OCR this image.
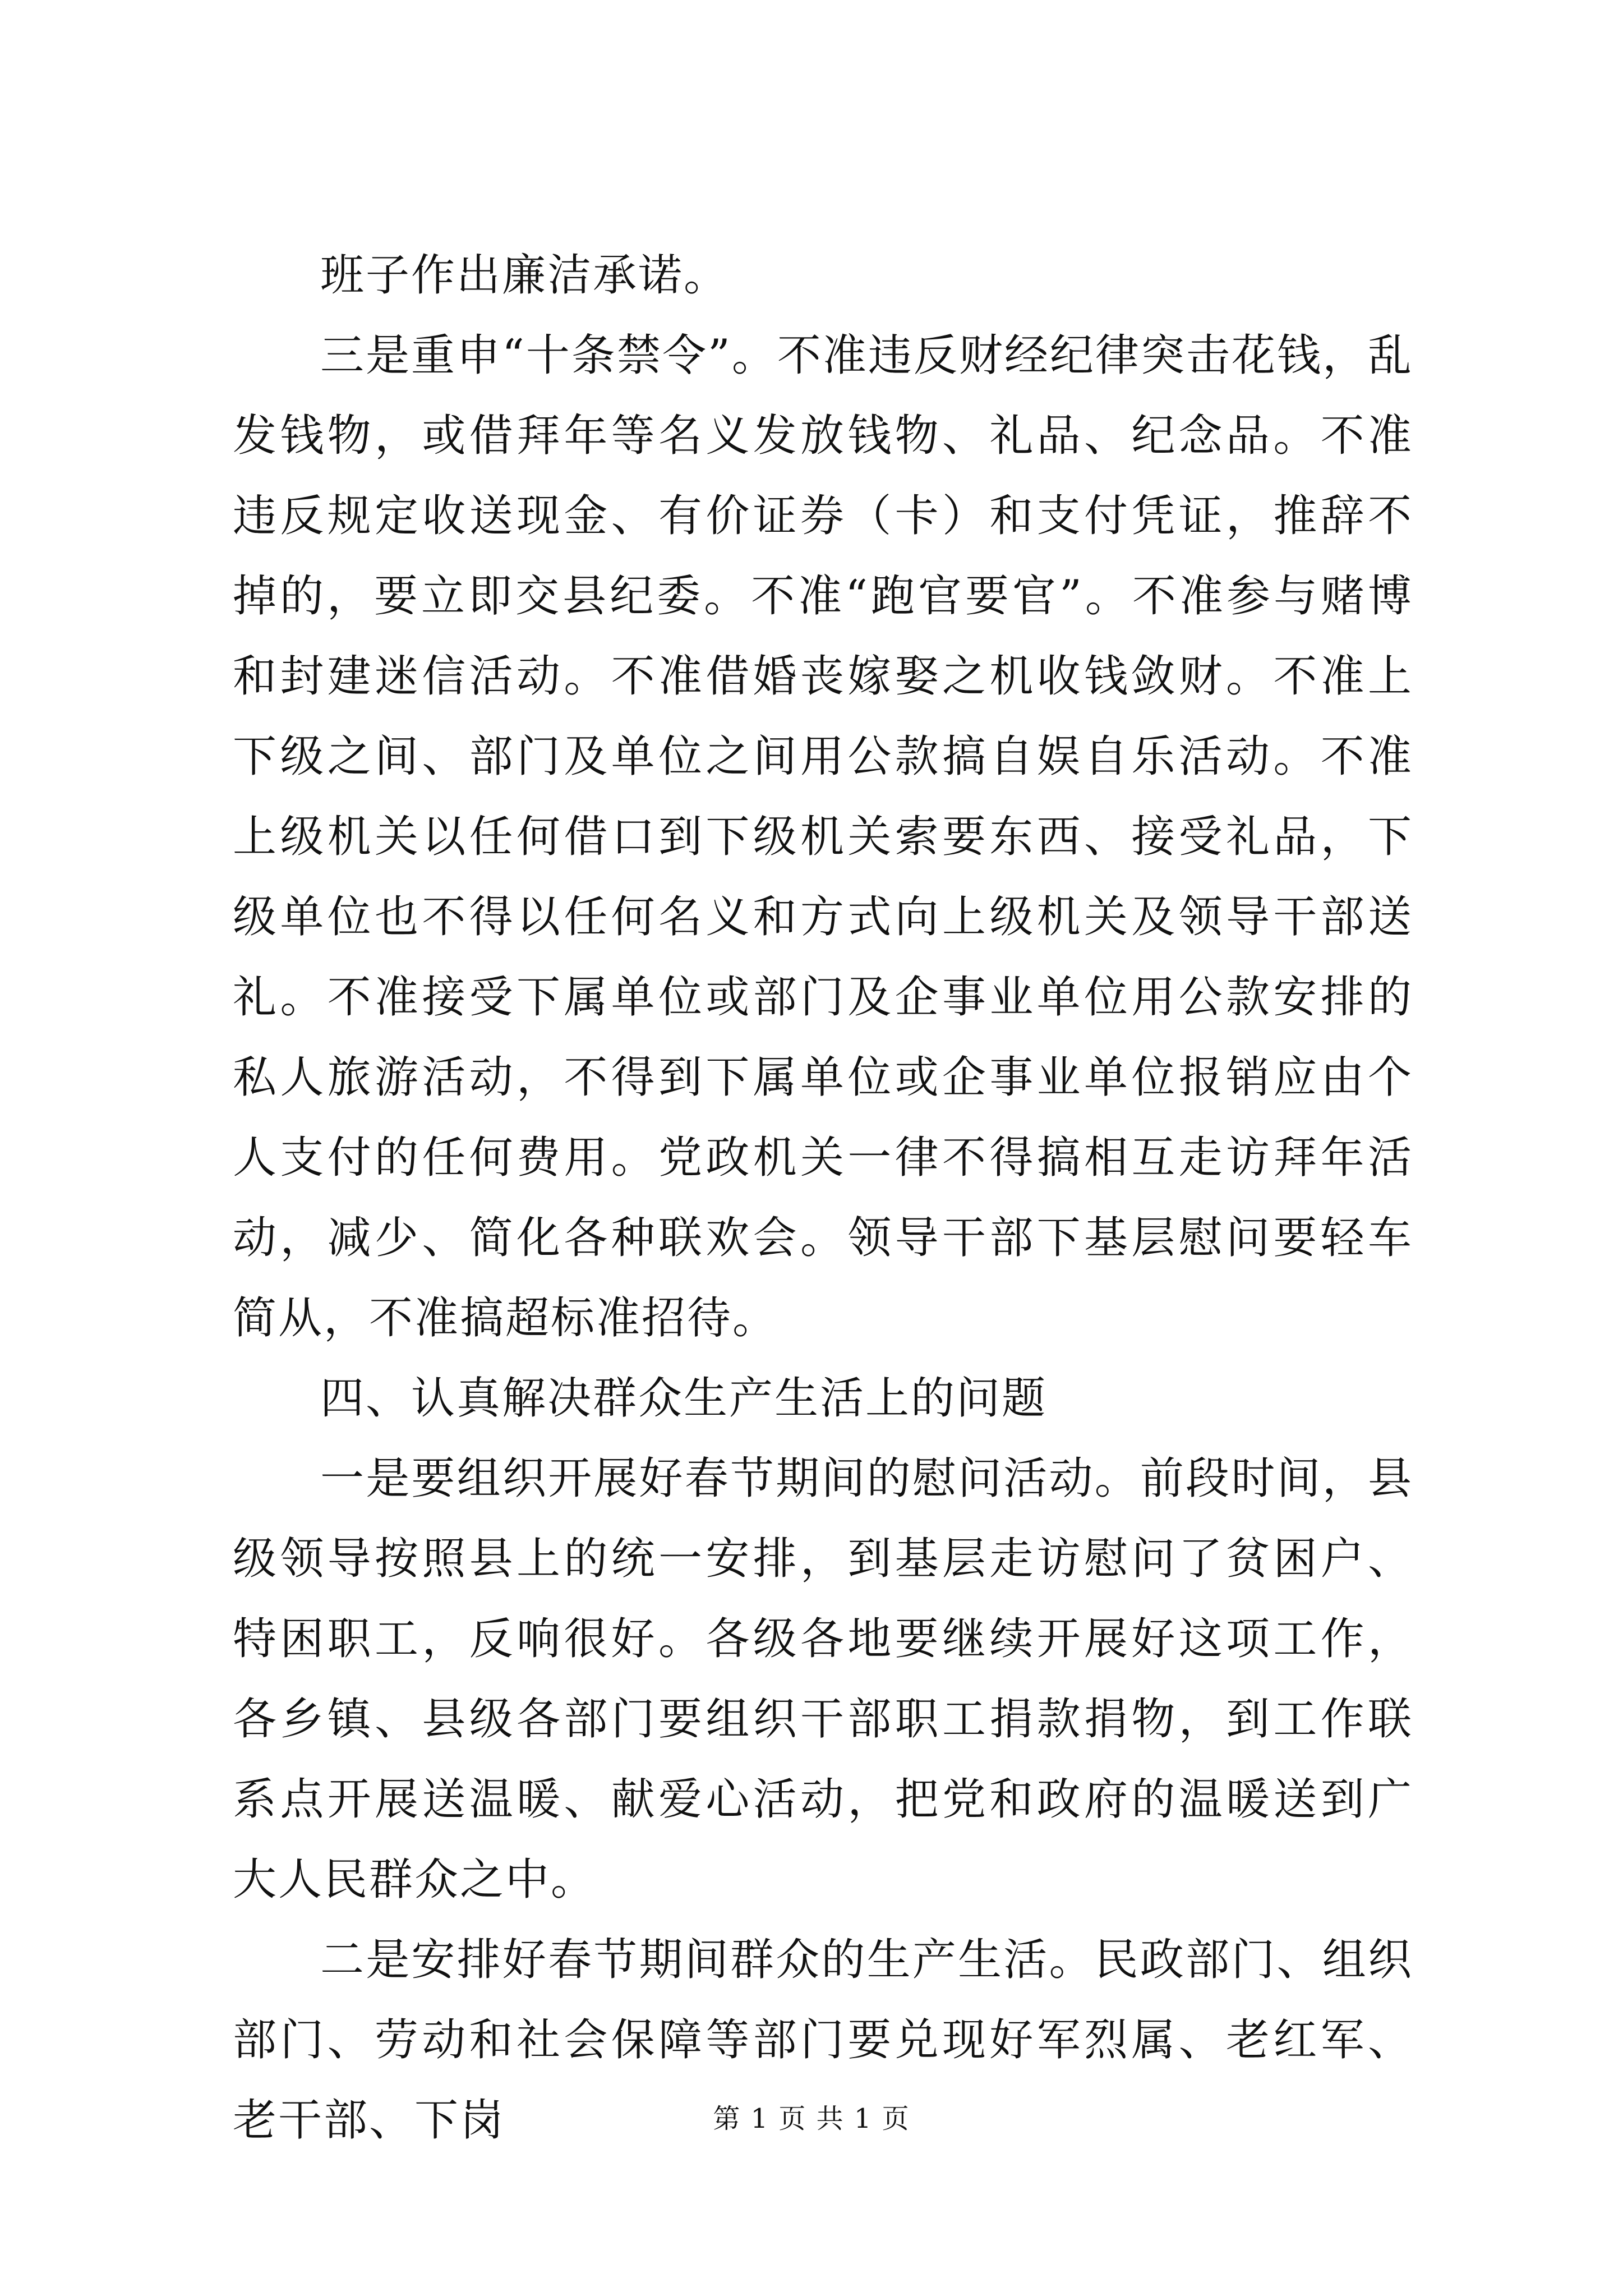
班子作出廉洁承诺。

三是重申“十条禁令”。不准违反财经纪律突击花钱，乱发钱物，或借拜年等名义发放钱物、礼品、纪念品。不准违反规定收送现金、有价证券（卡）和支付凭证，推辞不掉的，要立即交县纪委。不准“跑官要官”。不准参与赌博和封建迷信活动。不准借婚丧嫁娶之机收钱敛财。不准上下级之间、部门及单位之间用公款搞自娱自乐活动。不准上级机关以任何借口到下级机关索要东西、接受礼品，下级单位也不得以任何名义和方式向上级机关及领导干部送礼。不准接受下属单位或部门及企事业单位用公款安排的私人旅游活动，不得到下属单位或企事业单位报销应由个人支付的任何费用。党政机关一律不得搞相互走访拜年活动，减少、简化各种联欢会。领导干部下基层慰问要轻车简从，不准搞超标准招待。

四、认真解决群众生产生活上的问题

一是要组织开展好春节期间的慰问活动。前段时间，县级领导按照县上的统一安排，到基层走访慰问了贫困户、特困职工，反响很好。各级各地要继续开展好这项工作，各乡镇、县级各部门要组织干部职工捐款捐物，到工作联系点开展送温暖、献爱心活动，把党和政府的温暖送到广大人民群众之中。

二是安排好春节期间群众的生产生活。民政部门、组织部门、劳动和社会保障等部门要兑现好军烈属、老红军、老干部、下岗	第 1 页 共 1 页
